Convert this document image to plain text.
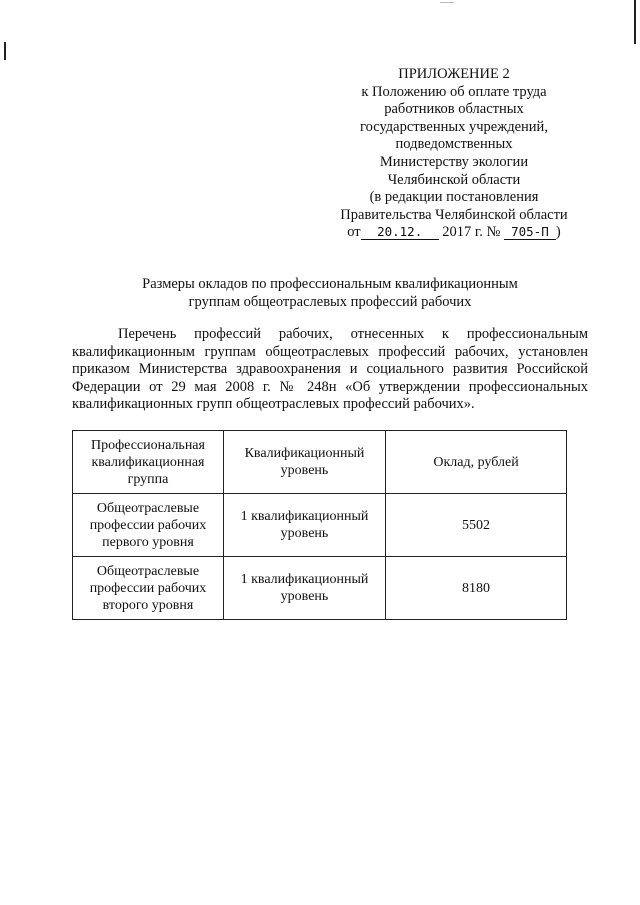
ПРИЛОЖЕНИЕ 2
к Положению об оплате труда
работников областных
государственных учреждений,
подведомственных
Министерству экологии
Челябинской области
(в редакции постановления
Правительства Челябинской области
от 20.12. 2017 г. № 705-П )
Размеры окладов по профессиональным квалификационным
группам общеотраслевых профессий рабочих

Перечень профессий рабочих, отнесенных к профессиональным квалификационным группам общеотраслевых профессий рабочих, установлен приказом Министерства здравоохранения и социального развития Российской Федерации от 29 мая 2008 г. № 248н «Об утверждении профессиональных квалификационных групп общеотраслевых профессий рабочих».

Профессиональная квалификационная группа	Квалификационный уровень	Оклад, рублей
Общеотраслевые профессии рабочих первого уровня	1 квалификационный уровень	5502
Общеотраслевые профессии рабочих второго уровня	1 квалификационный уровень	8180
